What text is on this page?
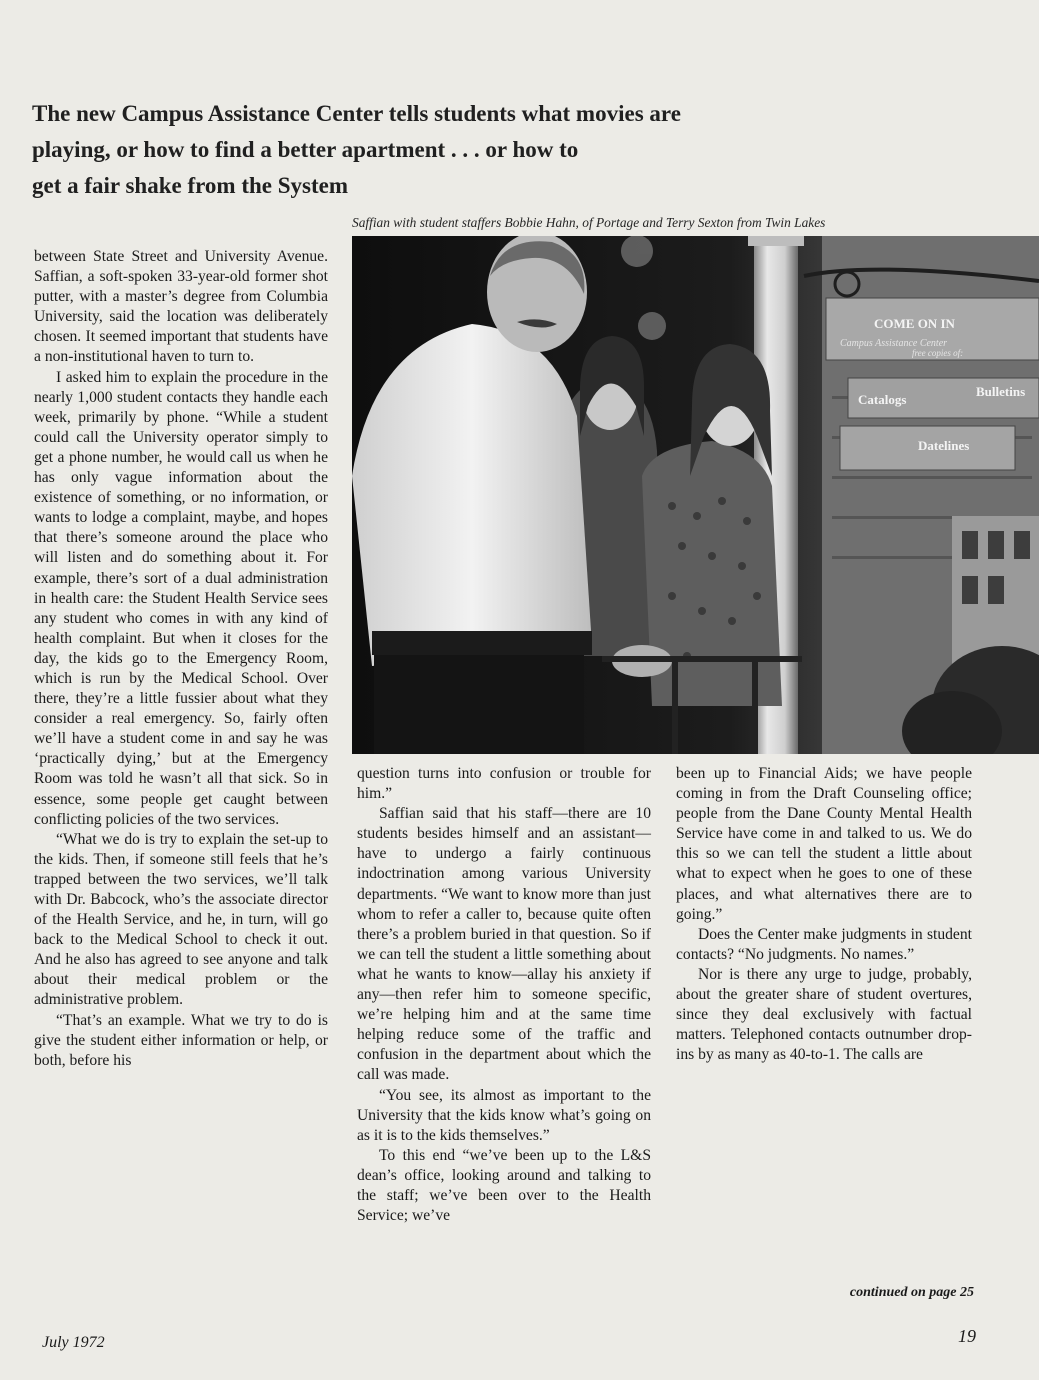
The new Campus Assistance Center tells students what movies are
playing, or how to find a better apartment . . . or how to
get a fair shake from the System
Saffian with student staffers Bobbie Hahn, of Portage and Terry Sexton from Twin Lakes
COME ON IN
Campus Assistance Center
free copies of:
Catalogs
Bulletins
Datelines

between State Street and University Avenue. Saffian, a soft-spoken 33-year-old former shot putter, with a master’s degree from Columbia University, said the location was deliberately chosen. It seemed important that students have a non-institutional haven to turn to.

I asked him to explain the procedure in the nearly 1,000 student contacts they handle each week, primarily by phone. “While a student could call the University operator simply to get a phone number, he would call us when he has only vague information about the existence of something, or no information, or wants to lodge a complaint, maybe, and hopes that there’s someone around the place who will listen and do something about it. For example, there’s sort of a dual administration in health care: the Student Health Service sees any student who comes in with any kind of health complaint. But when it closes for the day, the kids go to the Emergency Room, which is run by the Medical School. Over there, they’re a little fussier about what they consider a real emergency. So, fairly often we’ll have a student come in and say he was ‘practically dying,’ but at the Emergency Room was told he wasn’t all that sick. So in essence, some people get caught between conflicting policies of the two services.

“What we do is try to explain the set-up to the kids. Then, if someone still feels that he’s trapped between the two services, we’ll talk with Dr. Babcock, who’s the associate director of the Health Service, and he, in turn, will go back to the Medical School to check it out. And he also has agreed to see anyone and talk about their medical problem or the administrative problem.

“That’s an example. What we try to do is give the student either information or help, or both, before his

question turns into confusion or trouble for him.”

Saffian said that his staff—there are 10 students besides himself and an assistant—have to undergo a fairly continuous indoctrination among various University departments. “We want to know more than just whom to refer a caller to, because quite often there’s a problem buried in that question. So if we can tell the student a little something about what he wants to know—allay his anxiety if any—then refer him to someone specific, we’re helping him and at the same time helping reduce some of the traffic and confusion in the department about which the call was made.

“You see, its almost as important to the University that the kids know what’s going on as it is to the kids themselves.”

To this end “we’ve been up to the L&S dean’s office, looking around and talking to the staff; we’ve been over to the Health Service; we’ve

been up to Financial Aids; we have people coming in from the Draft Counseling office; people from the Dane County Mental Health Service have come in and talked to us. We do this so we can tell the student a little about what to expect when he goes to one of these places, and what alternatives there are to going.”

Does the Center make judgments in student contacts? “No judgments. No names.”

Nor is there any urge to judge, probably, about the greater share of student overtures, since they deal exclusively with factual matters. Telephoned contacts outnumber drop-ins by as many as 40-to-1. The calls are

continued on page 25
July 1972	19
